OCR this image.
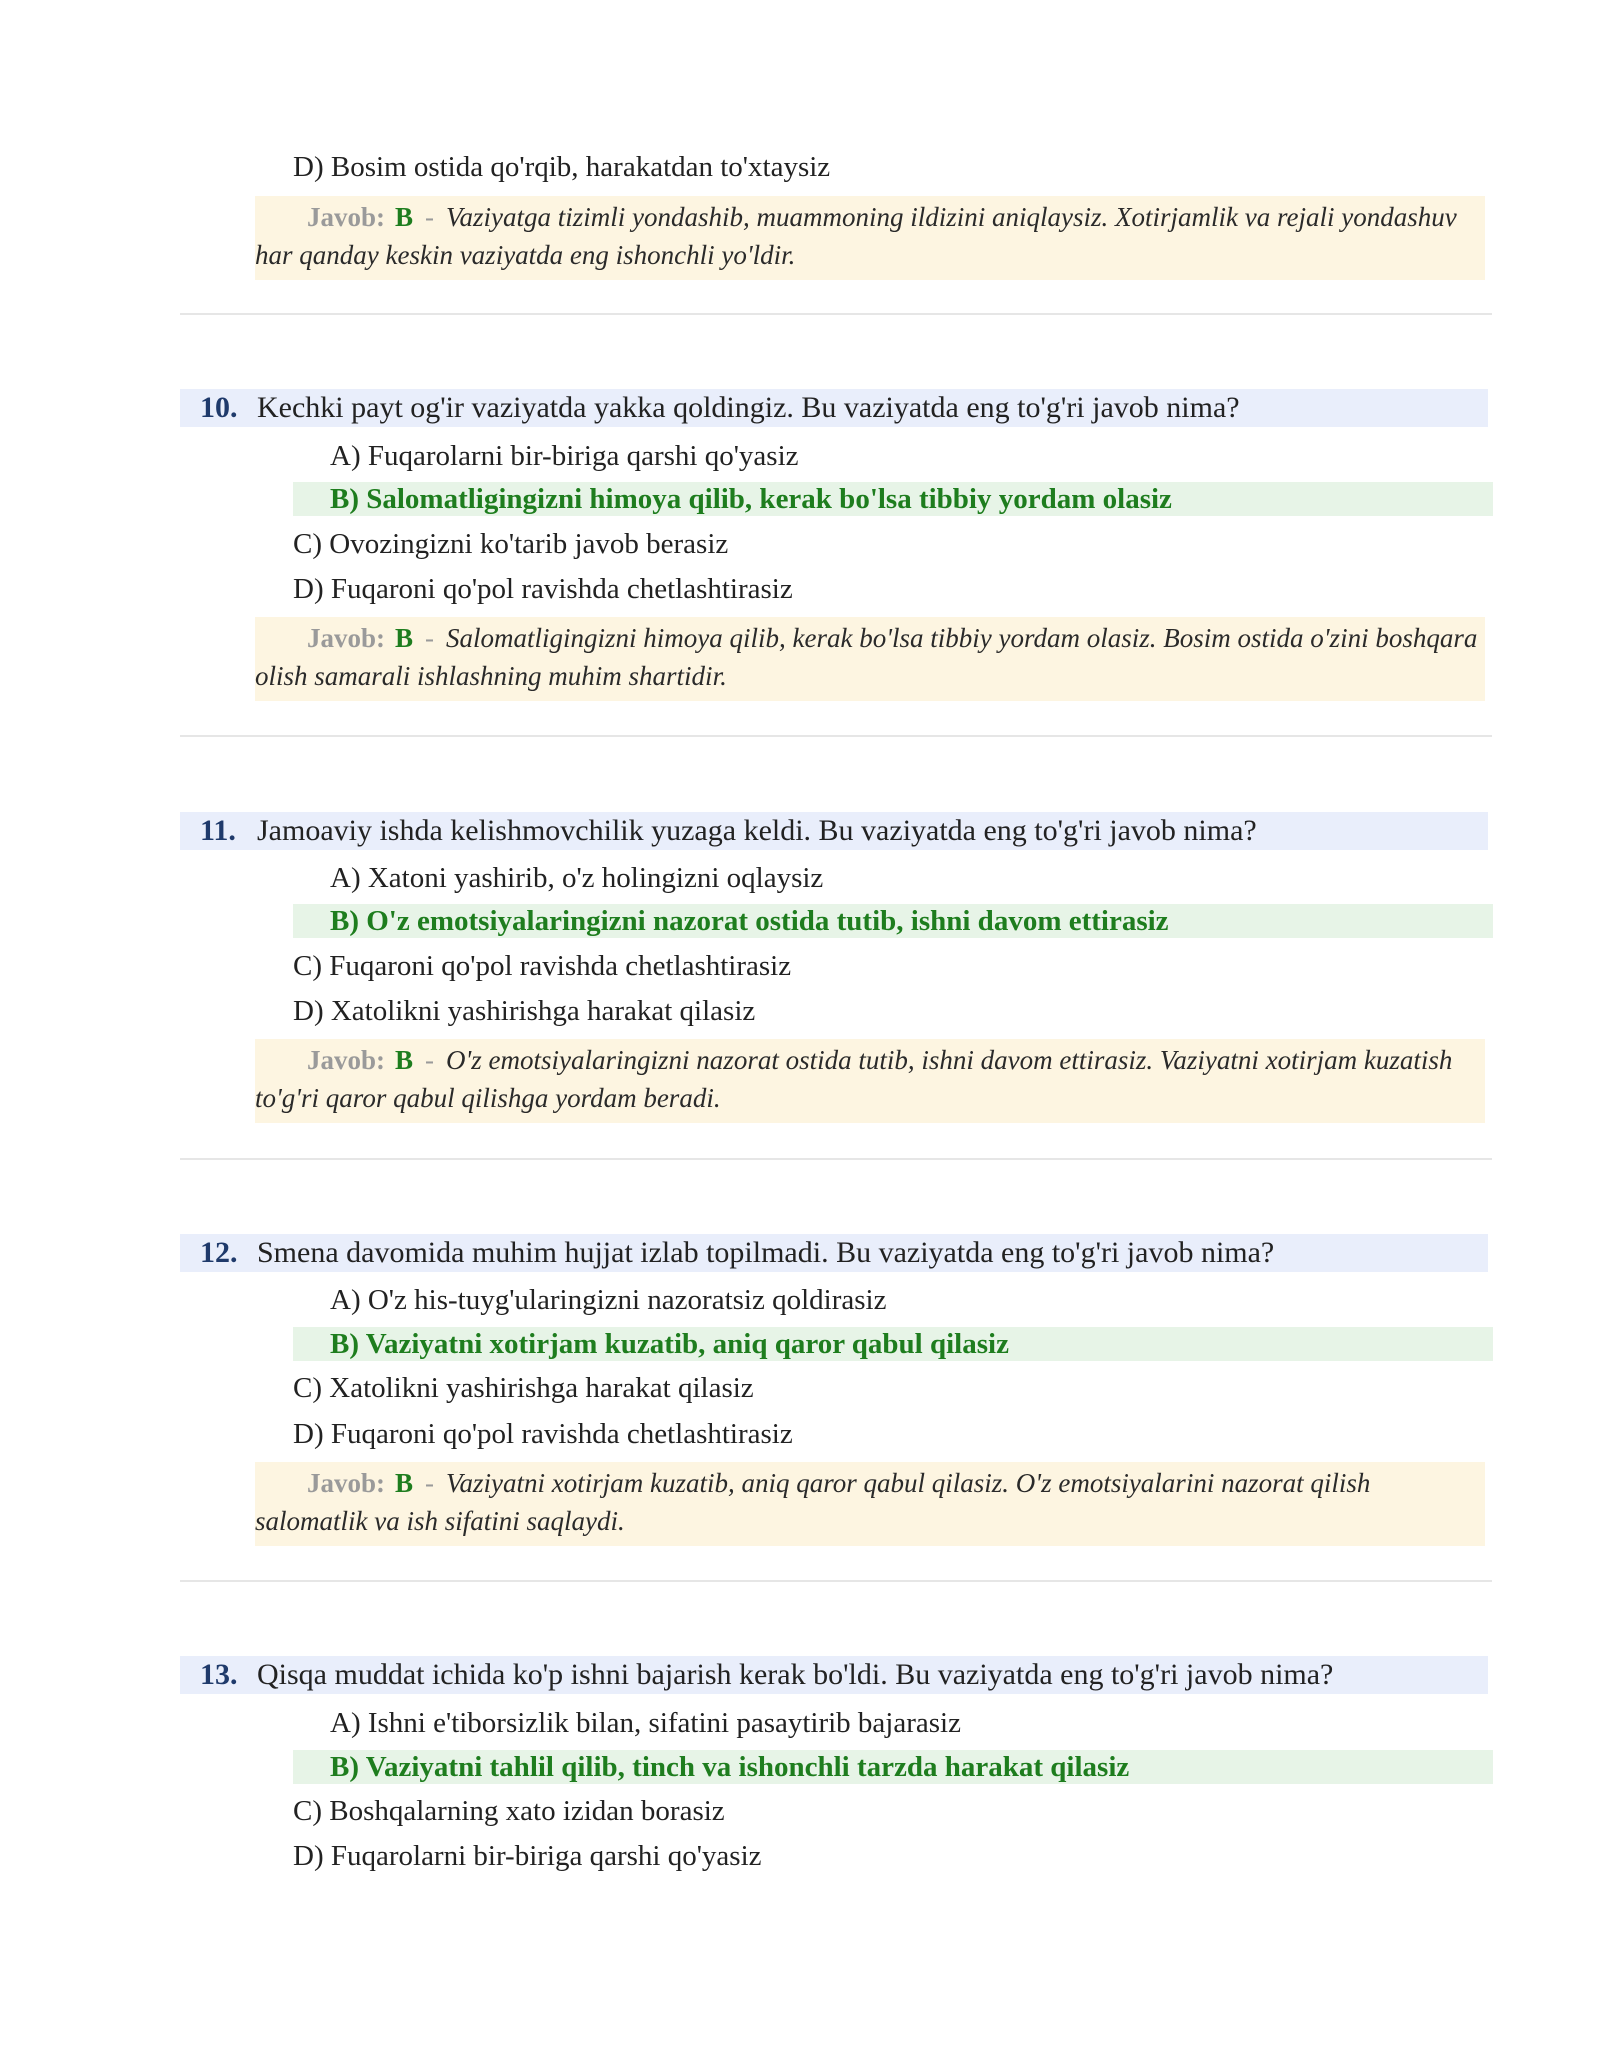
D) Bosim ostida qo'rqib, harakatdan to'xtaysiz
Javob: B - Vaziyatga tizimli yondashib, muammoning ildizini aniqlaysiz. Xotirjamlik va rejali yondashuv har qanday keskin vaziyatda eng ishonchli yo'ldir.
10. Kechki payt og'ir vaziyatda yakka qoldingiz. Bu vaziyatda eng to'g'ri javob nima?
A) Fuqarolarni bir-biriga qarshi qo'yasiz
B) Salomatligingizni himoya qilib, kerak bo'lsa tibbiy yordam olasiz
C) Ovozingizni ko'tarib javob berasiz
D) Fuqaroni qo'pol ravishda chetlashtirasiz
Javob: B - Salomatligingizni himoya qilib, kerak bo'lsa tibbiy yordam olasiz. Bosim ostida o'zini boshqara olish samarali ishlashning muhim shartidir.
11. Jamoaviy ishda kelishmovchilik yuzaga keldi. Bu vaziyatda eng to'g'ri javob nima?
A) Xatoni yashirib, o'z holingizni oqlaysiz
B) O'z emotsiyalaringizni nazorat ostida tutib, ishni davom ettirasiz
C) Fuqaroni qo'pol ravishda chetlashtirasiz
D) Xatolikni yashirishga harakat qilasiz
Javob: B - O'z emotsiyalaringizni nazorat ostida tutib, ishni davom ettirasiz. Vaziyatni xotirjam kuzatish to'g'ri qaror qabul qilishga yordam beradi.
12. Smena davomida muhim hujjat izlab topilmadi. Bu vaziyatda eng to'g'ri javob nima?
A) O'z his-tuyg'ularingizni nazoratsiz qoldirasiz
B) Vaziyatni xotirjam kuzatib, aniq qaror qabul qilasiz
C) Xatolikni yashirishga harakat qilasiz
D) Fuqaroni qo'pol ravishda chetlashtirasiz
Javob: B - Vaziyatni xotirjam kuzatib, aniq qaror qabul qilasiz. O'z emotsiyalarini nazorat qilish salomatlik va ish sifatini saqlaydi.
13. Qisqa muddat ichida ko'p ishni bajarish kerak bo'ldi. Bu vaziyatda eng to'g'ri javob nima?
A) Ishni e'tiborsizlik bilan, sifatini pasaytirib bajarasiz
B) Vaziyatni tahlil qilib, tinch va ishonchli tarzda harakat qilasiz
C) Boshqalarning xato izidan borasiz
D) Fuqarolarni bir-biriga qarshi qo'yasiz
